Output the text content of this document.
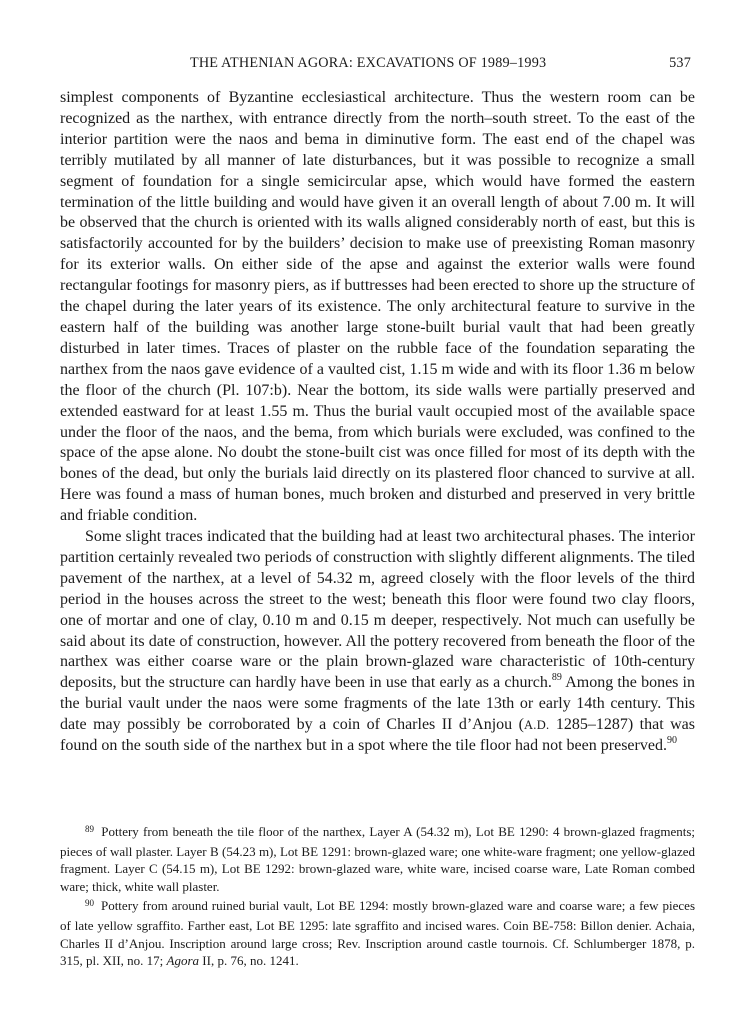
THE ATHENIAN AGORA: EXCAVATIONS OF 1989–1993	537

simplest components of Byzantine ecclesiastical architecture. Thus the western room can be recognized as the narthex, with entrance directly from the north–south street. To the east of the interior partition were the naos and bema in diminutive form. The east end of the chapel was terribly mutilated by all manner of late disturbances, but it was possible to recognize a small segment of foundation for a single semicircular apse, which would have formed the eastern termination of the little building and would have given it an overall length of about 7.00 m. It will be observed that the church is oriented with its walls aligned considerably north of east, but this is satisfactorily accounted for by the builders’ decision to make use of preexisting Roman masonry for its exterior walls. On either side of the apse and against the exterior walls were found rectangular footings for masonry piers, as if buttresses had been erected to shore up the structure of the chapel during the later years of its existence. The only architectural feature to survive in the eastern half of the building was another large stone-built burial vault that had been greatly disturbed in later times. Traces of plaster on the rubble face of the foundation separating the narthex from the naos gave evidence of a vaulted cist, 1.15 m wide and with its floor 1.36 m below the floor of the church (Pl. 107:b). Near the bottom, its side walls were partially preserved and extended eastward for at least 1.55 m. Thus the burial vault occupied most of the available space under the floor of the naos, and the bema, from which burials were excluded, was confined to the space of the apse alone. No doubt the stone-built cist was once filled for most of its depth with the bones of the dead, but only the burials laid directly on its plastered floor chanced to survive at all. Here was found a mass of human bones, much broken and disturbed and preserved in very brittle and friable condition.

Some slight traces indicated that the building had at least two architectural phases. The interior partition certainly revealed two periods of construction with slightly different alignments. The tiled pavement of the narthex, at a level of 54.32 m, agreed closely with the floor levels of the third period in the houses across the street to the west; beneath this floor were found two clay floors, one of mortar and one of clay, 0.10 m and 0.15 m deeper, respectively. Not much can usefully be said about its date of construction, however. All the pottery recovered from beneath the floor of the narthex was either coarse ware or the plain brown-glazed ware characteristic of 10th-century deposits, but the structure can hardly have been in use that early as a church.$^{89}$ Among the bones in the burial vault under the naos were some fragments of the late 13th or early 14th century. This date may possibly be corroborated by a coin of Charles II d’Anjou (A.D. 1285–1287) that was found on the south side of the narthex but in a spot where the tile floor had not been preserved.$^{90}$

$^{89}$ Pottery from beneath the tile floor of the narthex, Layer A (54.32 m), Lot BE 1290: 4 brown-glazed fragments; pieces of wall plaster. Layer B (54.23 m), Lot BE 1291: brown-glazed ware; one white-ware fragment; one yellow-glazed fragment. Layer C (54.15 m), Lot BE 1292: brown-glazed ware, white ware, incised coarse ware, Late Roman combed ware; thick, white wall plaster.

$^{90}$ Pottery from around ruined burial vault, Lot BE 1294: mostly brown-glazed ware and coarse ware; a few pieces of late yellow sgraffito. Farther east, Lot BE 1295: late sgraffito and incised wares. Coin BE-758: Billon denier. Achaia, Charles II d’Anjou. Inscription around large cross; Rev. Inscription around castle tournois. Cf. Schlumberger 1878, p. 315, pl. XII, no. 17; Agora II, p. 76, no. 1241.
